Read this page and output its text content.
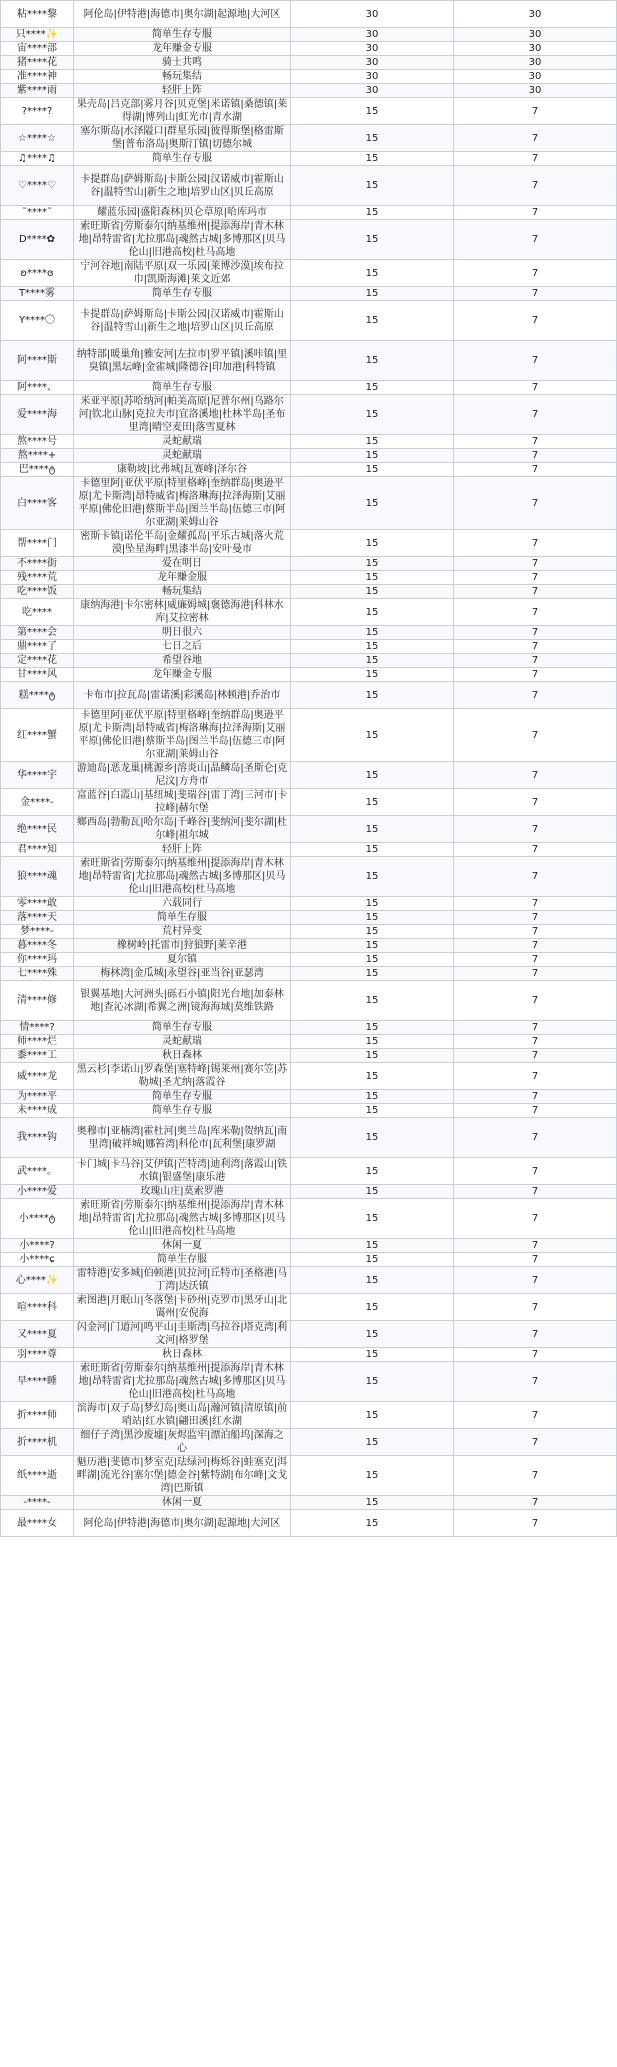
粘****黎	阿伦岛|伊特港|海德市|奥尔湖|起源地|大河区	30	30
只****✨	简单生存专服	30	30
宙****部	龙年赚金专服	30	30
猪****花	骑士共鸣	30	30
准****神	畅玩集结	30	30
紫****雨	轻肝上阵	30	30
?****?	果壳岛|吕克部|雾月谷|贝克堡|米诺镇|桑德镇|莱得湖|博列山|虹光市|青水湖	15	7
☆****☆	塞尔斯岛|水泽隘口|群星乐园|彼得斯堡|格雷斯堡|普布洛岛|奥斯汀镇|切德尔城	15	7
♫****♫	简单生存专服	15	7
♡****♡	卡提群岛|萨姆斯岛|卡斯公园|汉诺威市|霍斯山谷|温特雪山|新生之地|培罗山区|贝丘高原	15	7
˜****˜	耀蓝乐园|盛阳森林|贝仑草原|哈库玛市	15	7
D****✿	索旺斯省|劳斯泰尔|纳基维州|提添海岸|青木林地|昂特雷省|尤拉那岛|魂然古城|多博那区|贝马伦山|旧港高校|杜马高地	15	7
ʚ****ɞ	宁河谷地|南陆平原|双一乐园|莱博沙漠|埃布拉巾|凯斯海滩|莱文近郊	15	7
T****雾	简单生存专服	15	7
Y****〇	卡提群岛|萨姆斯岛|卡斯公园|汉诺威市|霍斯山谷|温特雪山|新生之地|培罗山区|贝丘高原	15	7
阿****斯	纳特部|暖巢角|雅安河|左拉市|罗平镇|溪咔镇|里臭镇|黑坛峰|金雀城|隆德谷|印加港|科特镇	15	7
阿****、	简单生存专服	15	7
爱****海	米亚平原|苏哈纳河|帕美高原|尼普尔州|乌路尔河|钦北山脉|克拉夫市|宜洛溪地|杜林半岛|圣布里湾|晴空麦田|落雪夏林	15	7
熬****号	灵蛇献瑞	15	7
熬****+	灵蛇献瑞	15	7
巴****ტ	康勒坡|比弗城|瓦赛峰|泽尔谷	15	7
白****客	卡德里阿|亚伏平原|特里格峰|奎纳群岛|奥逊平原|尤卡斯湾|昂特威省|梅洛琳海|拉泽海斯|艾丽平原|佛伦旧港|蔡斯半岛|图兰半岛|伍德三市|阿尔亚湖|莱姆山谷	15	7
帮****门	密斯卡镇|诺伦半岛|金耀孤岛|平乐古城|落火荒漠|坠星海畔|黑漆半岛|安叶曼市	15	7
不****街	爱在明日	15	7
残****荒	龙年赚金服	15	7
吃****饭	畅玩集结	15	7
吃****	康纳海港|卡尔密林|威廉姆城|褒德海港|科林水库|艾拉密林	15	7
第****会	明日很六	15	7
鼎****了	七日之后	15	7
定****花	希望谷地	15	7
甘****风	龙年赚金专服	15	7
糕****ტ	卡布市|拉瓦岛|雷诺溪|彩溪岛|林顿港|乔治市	15	7
红****蟹	卡德里阿|亚伏平原|特里格峰|奎纳群岛|奥逊平原|尤卡斯湾|昂特威省|梅洛琳海|拉泽海斯|艾丽平原|佛伦旧港|蔡斯半岛|图兰半岛|伍德三市|阿尔亚湖|莱姆山谷	15	7
华****宇	游迪岛|恶龙巢|桃源乡|溶炎山|晶鳞岛|圣斯仑|克尼汶|方舟市	15	7
金****-	富蓝谷|白霞山|基纽城|斐瑞谷|雷丁湾|三河市|卡拉峰|赫尔堡	15	7
绝****民	鄉西岛|勃勒瓦|哈尔岛|千峰谷|斐纳河|斐尔湖|杜尔峰|祖尔城	15	7
君****知	轻肝上阵	15	7
狼****魂	索旺斯省|劳斯泰尔|纳基维州|提添海岸|青木林地|昂特雷省|尤拉那岛|魂然古城|多博那区|贝马伦山|旧港高校|杜马高地	15	7
零****敢	六载同行	15	7
落****天	简单生存服	15	7
梦****-	荒村异变	15	7
暮****冬	橡树岭|托雷市|狩狼野|莱辛港	15	7
你****玛	夏尔镇	15	7
七****殊	梅林湾|金瓜城|永望谷|亚当谷|亚瑟湾	15	7
清****修	银翼基地|大河洲头|砾石小镇|阳光台地|加泰林地|查沁冰湖|希翼之洲|镜海海域|莫维铁路	15	7
情****?	简单生存专服	15	7
师****烂	灵蛇献瑞	15	7
黍****工	秋日森林	15	7
威****龙	黑云杉|李诺山|罗森堡|塞特峰|锡莱州|赛尔笠|苏勒城|圣尤纳|落霞谷	15	7
为****平	简单生存专服	15	7
未****成	简单生存专服	15	7
我****钩	奥穆市|亚楠湾|霍杜河|奥兰岛|库米勒|贺纳瓦|南里湾|破祥城|娜笞湾|科伦市|瓦利堡|康罗湖	15	7
武****。	卡门城|卡马谷|艾伊镇|芒特湾|迪利湾|落霞山|铁水镇|银盛堡|康乐港	15	7
小****爱	玫瑰山庄|莫索罗港	15	7
小****ტ	索旺斯省|劳斯泰尔|纳基维州|提添海岸|青木林地|昂特雷省|尤拉那岛|魂然古城|多博那区|贝马伦山|旧港高校|杜马高地	15	7
小****?	休闲一夏	15	7
小****ɕ	简单生存服	15	7
心****✨	雷特港|安多城|伯顿港|贝拉河|丘特市|圣格港|马丁湾|达沃镇	15	7
喧****科	索图港|月眠山|冬落堡|卡砂州|克罗市|黑牙山|北霭州|安倪海	15	7
又****夏	闪金河|门道河|鸣平山|圭斯湾|乌拉谷|塔克湾|利文河|格罗堡	15	7
羽****尊	秋日森林	15	7
早****睡	索旺斯省|劳斯泰尔|纳基维州|提添海岸|青木林地|昂特雷省|尤拉那岛|魂然古城|多博那区|贝马伦山|旧港高校|杜马高地	15	7
折****师	滨海市|双子岛|梦幻岛|奥山岛|瀚河镇|清原镇|前哨站|红水镇|翩田溪|红水湖	15	7
折****机	细仔子湾|黑沙废墟|灰烬监牢|漂泊船坞|深海之心	15	7
纸****逝	魁历港|斐德市|梦室克|珐绿河|梅烁谷|蛙塞克|洱畔湖|流光谷|塞尔堡|德金谷|紫特湖|布尔峰|文戈湾|巴斯镇	15	7
-****-	休闲一夏	15	7
最****女	阿伦岛|伊特港|海德市|奥尔湖|起源地|大河区	15	7
